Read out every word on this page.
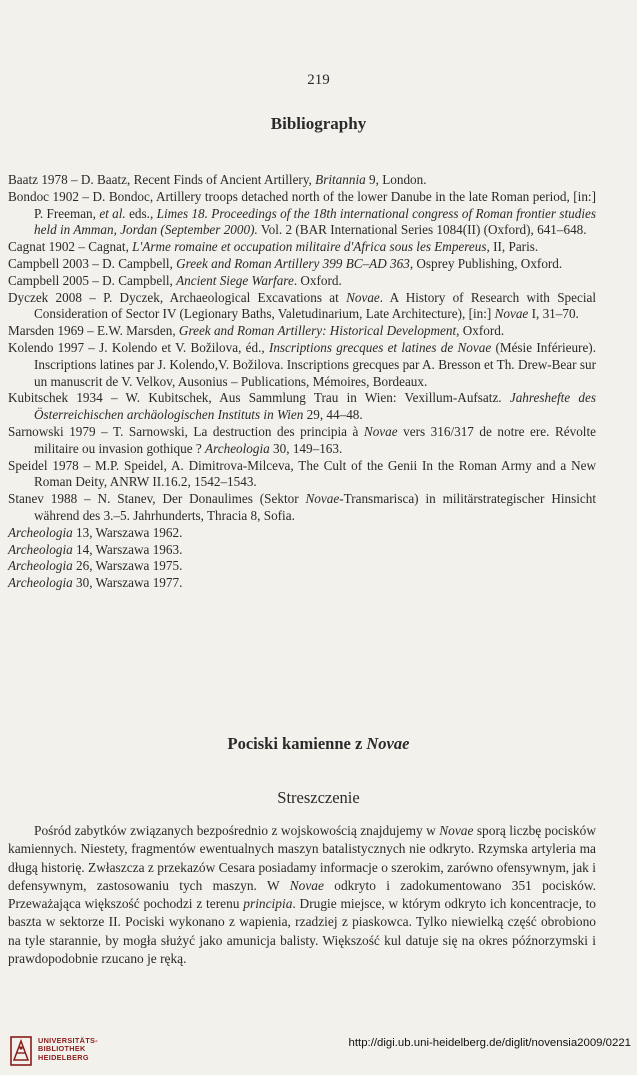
219
Bibliography
Baatz 1978 – D. Baatz, Recent Finds of Ancient Artillery, Britannia 9, London.
Bondoc 1902 – D. Bondoc, Artillery troops detached north of the lower Danube in the late Roman period, [in:] P. Freeman, et al. eds., Limes 18. Proceedings of the 18th international congress of Roman frontier studies held in Amman, Jordan (September 2000). Vol. 2 (BAR International Series 1084(II) (Oxford), 641–648.
Cagnat 1902 – Cagnat, L'Arme romaine et occupation militaire d'Africa sous les Empereus, II, Paris.
Campbell 2003 – D. Campbell, Greek and Roman Artillery 399 BC–AD 363, Osprey Publishing, Oxford.
Campbell 2005 – D. Campbell, Ancient Siege Warfare. Oxford.
Dyczek 2008 – P. Dyczek, Archaeological Excavations at Novae. A History of Research with Special Consideration of Sector IV (Legionary Baths, Valetudinarium, Late Architecture), [in:] Novae I, 31–70.
Marsden 1969 – E.W. Marsden, Greek and Roman Artillery: Historical Development, Oxford.
Kolendo 1997 – J. Kolendo et V. Božilova, éd., Inscriptions grecques et latines de Novae (Mésie Inférieure). Inscriptions latines par J. Kolendo,V. Božilova. Inscriptions grecques par A. Bresson et Th. Drew-Bear sur un manuscrit de V. Velkov, Ausonius – Publications, Mémoires, Bordeaux.
Kubitschek 1934 – W. Kubitschek, Aus Sammlung Trau in Wien: Vexillum-Aufsatz. Jahreshefte des Österreichischen archäologischen Instituts in Wien 29, 44–48.
Sarnowski 1979 – T. Sarnowski, La destruction des principia à Novae vers 316/317 de notre ere. Révolte militaire ou invasion gothique ? Archeologia 30, 149–163.
Speidel 1978 – M.P. Speidel, A. Dimitrova-Milceva, The Cult of the Genii In the Roman Army and a New Roman Deity, ANRW II.16.2, 1542–1543.
Stanev 1988 – N. Stanev, Der Donaulimes (Sektor Novae-Transmarisca) in militärstrategischer Hinsicht während des 3.–5. Jahrhunderts, Thracia 8, Sofia.
Archeologia 13, Warszawa 1962.
Archeologia 14, Warszawa 1963.
Archeologia 26, Warszawa 1975.
Archeologia 30, Warszawa 1977.
Pociski kamienne z Novae
Streszczenie
Pośród zabytków związanych bezpośrednio z wojskowością znajdujemy w Novae sporą liczbę pocisków kamiennych. Niestety, fragmentów ewentualnych maszyn batalistycznych nie odkryto. Rzymska artyleria ma długą historię. Zwłaszcza z przekazów Cesara posiadamy informacje o szerokim, zarówno ofensywnym, jak i defensywnym, zastosowaniu tych maszyn. W Novae odkryto i zadokumentowano 351 pocisków. Przeważająca większość pochodzi z terenu principia. Drugie miejsce, w którym odkryto ich koncentracje, to baszta w sektorze II. Pociski wykonano z wapienia, rzadziej z piaskowca. Tylko niewielką część obrobiono na tyle starannie, by mogła służyć jako amunicja balisty. Większość kul datuje się na okres późnorzymski i prawdopodobnie rzucano je ręką.
UNIVERSITÄTS-
BIBLIOTHEK
HEIDELBERG
http://digi.ub.uni-heidelberg.de/diglit/novensia2009/0221
